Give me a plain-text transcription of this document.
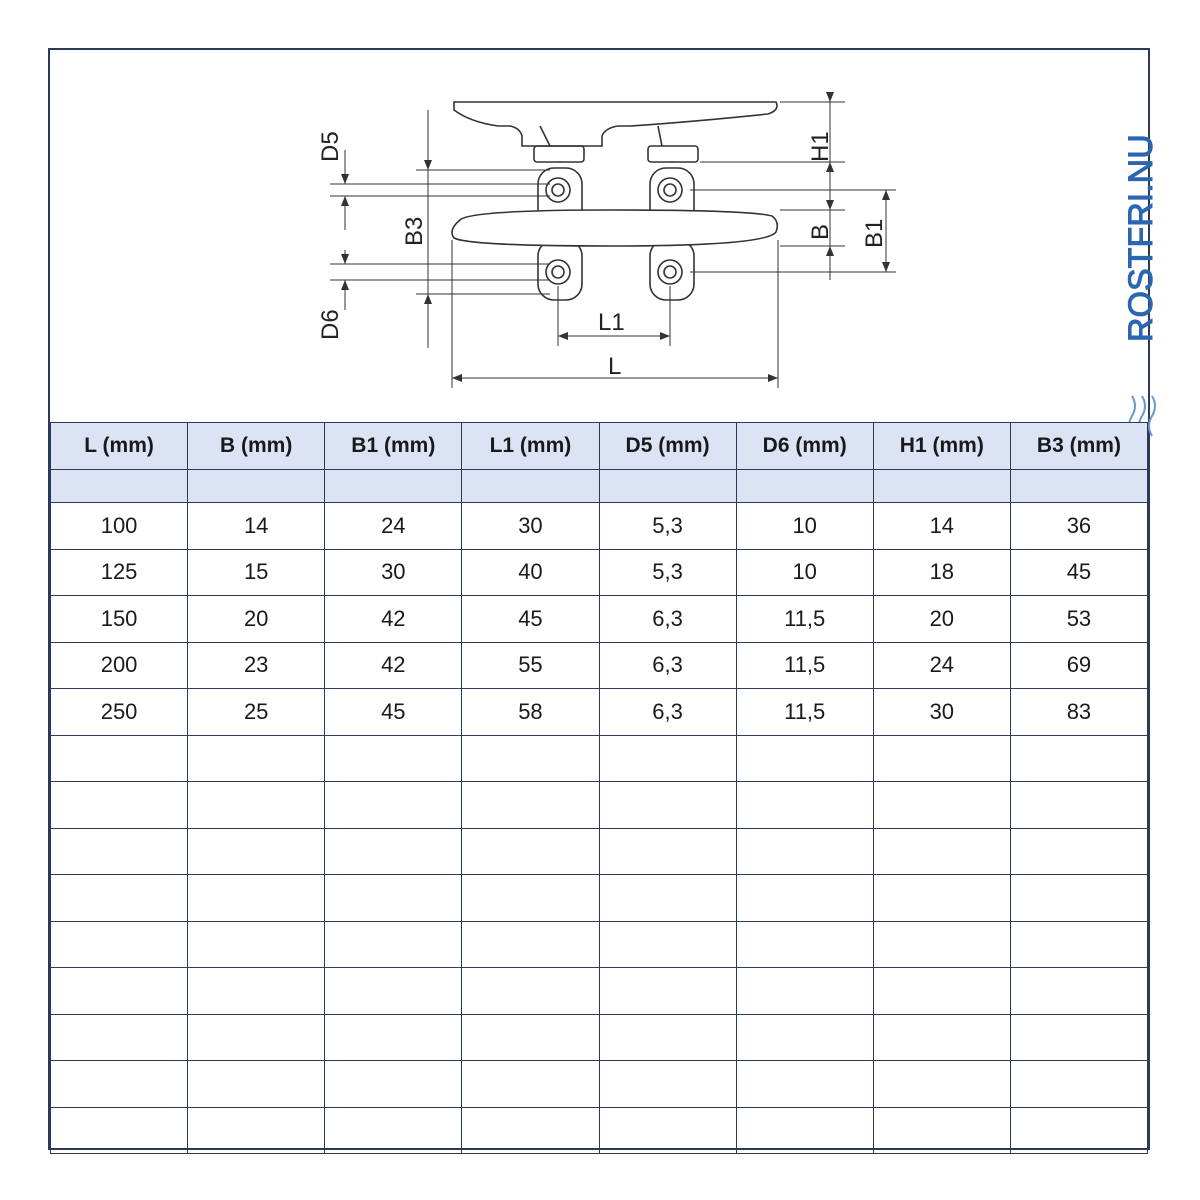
D5
D6
B3
H1
B B1
L1
L
ROSTFRI.NU
L (mm)	B (mm)	B1 (mm)	L1 (mm)	D5 (mm)	D6 (mm)	H1 (mm)	B3 (mm)

100	14	24	30	5,3	10	14	36
125	15	30	40	5,3	10	18	45
150	20	42	45	6,3	11,5	20	53
200	23	42	55	6,3	11,5	24	69
250	25	45	58	6,3	11,5	30	83
